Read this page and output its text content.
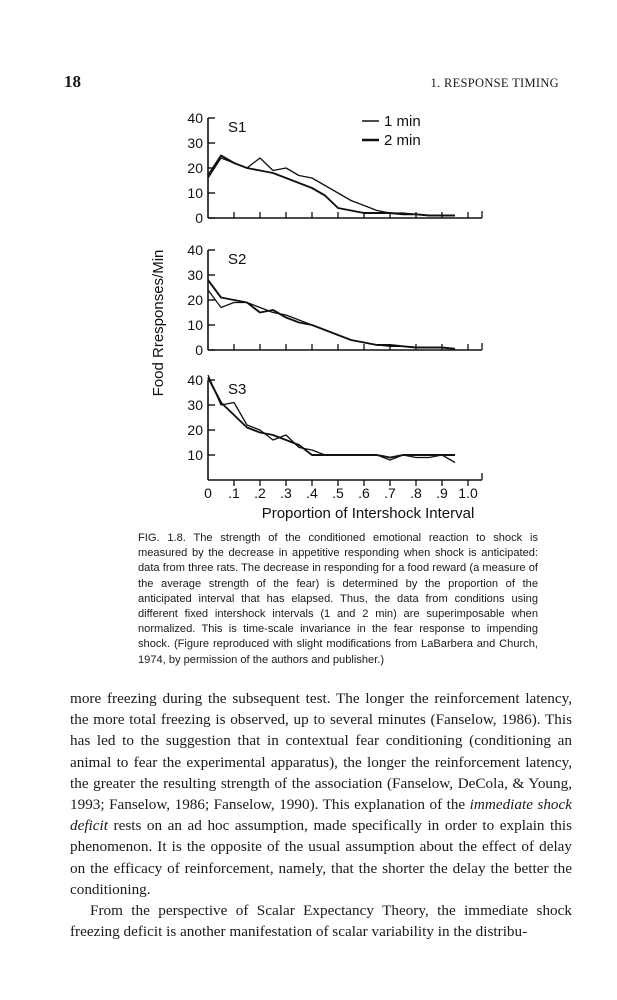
18	1. RESPONSE TIMING
0
10
20
30
40
S1
0
10
20
30
40
S2
10
20
30
40
S3
0 .1 .2 .3 .4 .5 .6 .7 .8 .9 1.0
Proportion of Intershock Interval
Food Rresponses/Min
1 min
2 min
FIG. 1.8. The strength of the conditioned emotional reaction to shock is measured by the decrease in appetitive responding when shock is anticipated: data from three rats. The decrease in responding for a food reward (a measure of the average strength of the fear) is determined by the proportion of the anticipated interval that has elapsed. Thus, the data from conditions using different fixed intershock intervals (1 and 2 min) are superimposable when normalized. This is time-scale invariance in the fear response to impending shock. (Figure reproduced with slight modifications from LaBarbera and Church, 1974, by permission of the authors and publisher.)

more freezing during the subsequent test. The longer the reinforcement latency, the more total freezing is observed, up to several minutes (Fanselow, 1986). This has led to the suggestion that in contextual fear conditioning (conditioning an animal to fear the experimental apparatus), the longer the reinforcement latency, the greater the resulting strength of the association (Fanselow, DeCola, & Young, 1993; Fanselow, 1986; Fanselow, 1990). This explanation of the immediate shock deficit rests on an ad hoc assumption, made specifically in order to explain this phenomenon. It is the opposite of the usual assumption about the effect of delay on the efficacy of reinforcement, namely, that the shorter the delay the better the conditioning.

From the perspective of Scalar Expectancy Theory, the immediate shock freezing deficit is another manifestation of scalar variability in the distribu-
